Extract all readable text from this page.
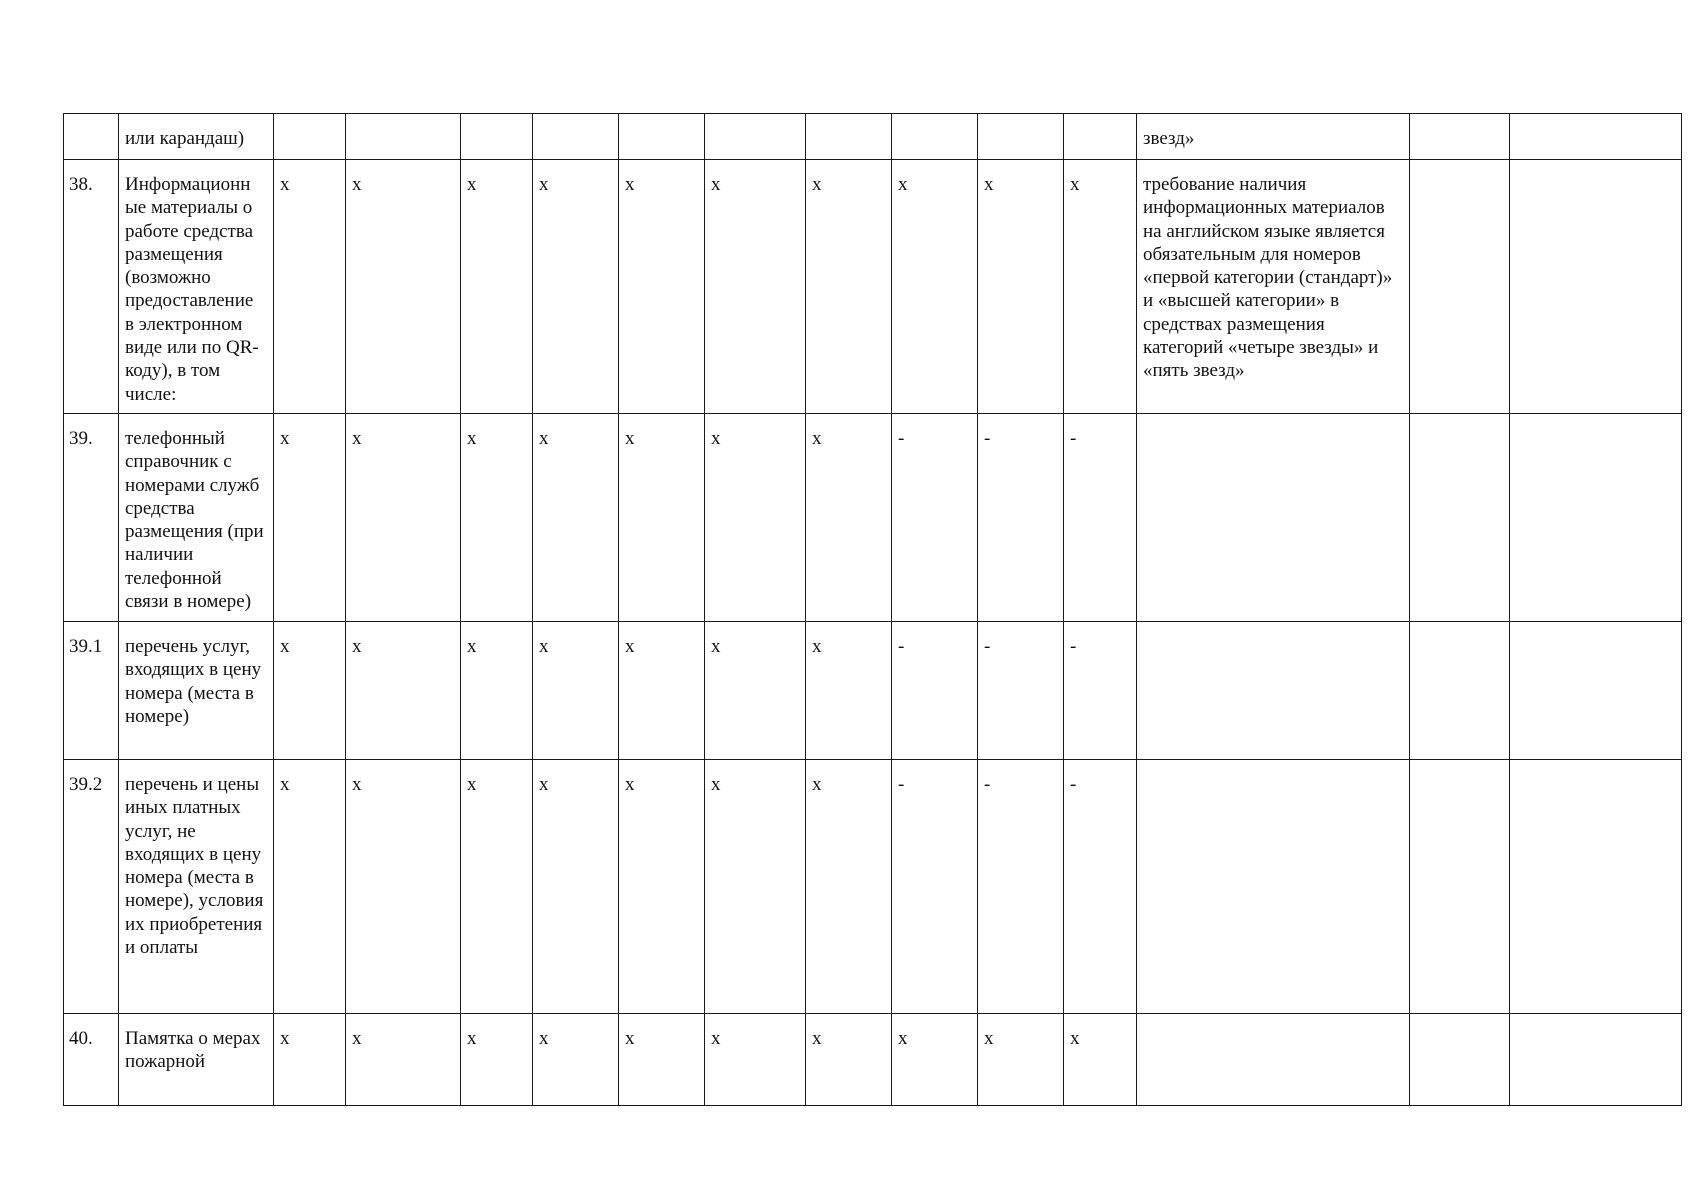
	или карандаш)											звезд»		
38.	Информационн ые материалы о работе средства размещения (возможно предоставление в электронном виде или по QR-коду), в том числе:	x	x	x	x	x	x	x	x	x	x	требование наличия информационных материалов на английском языке является обязательным для номеров «первой категории (стандарт)» и «высшей категории» в средствах размещения категорий «четыре звезды» и «пять звезд»		
39.	телефонный справочник с номерами служб средства размещения (при наличии телефонной связи в номере)	x	x	x	x	x	x	x	-	-	-			
39.1	перечень услуг, входящих в цену номера (места в номере)	x	x	x	x	x	x	x	-	-	-			
39.2	перечень и цены иных платных услуг, не входящих в цену номера (места в номере), условия их приобретения и оплаты	x	x	x	x	x	x	x	-	-	-			
40.	Памятка о мерах пожарной	x	x	x	x	x	x	x	x	x	x			
